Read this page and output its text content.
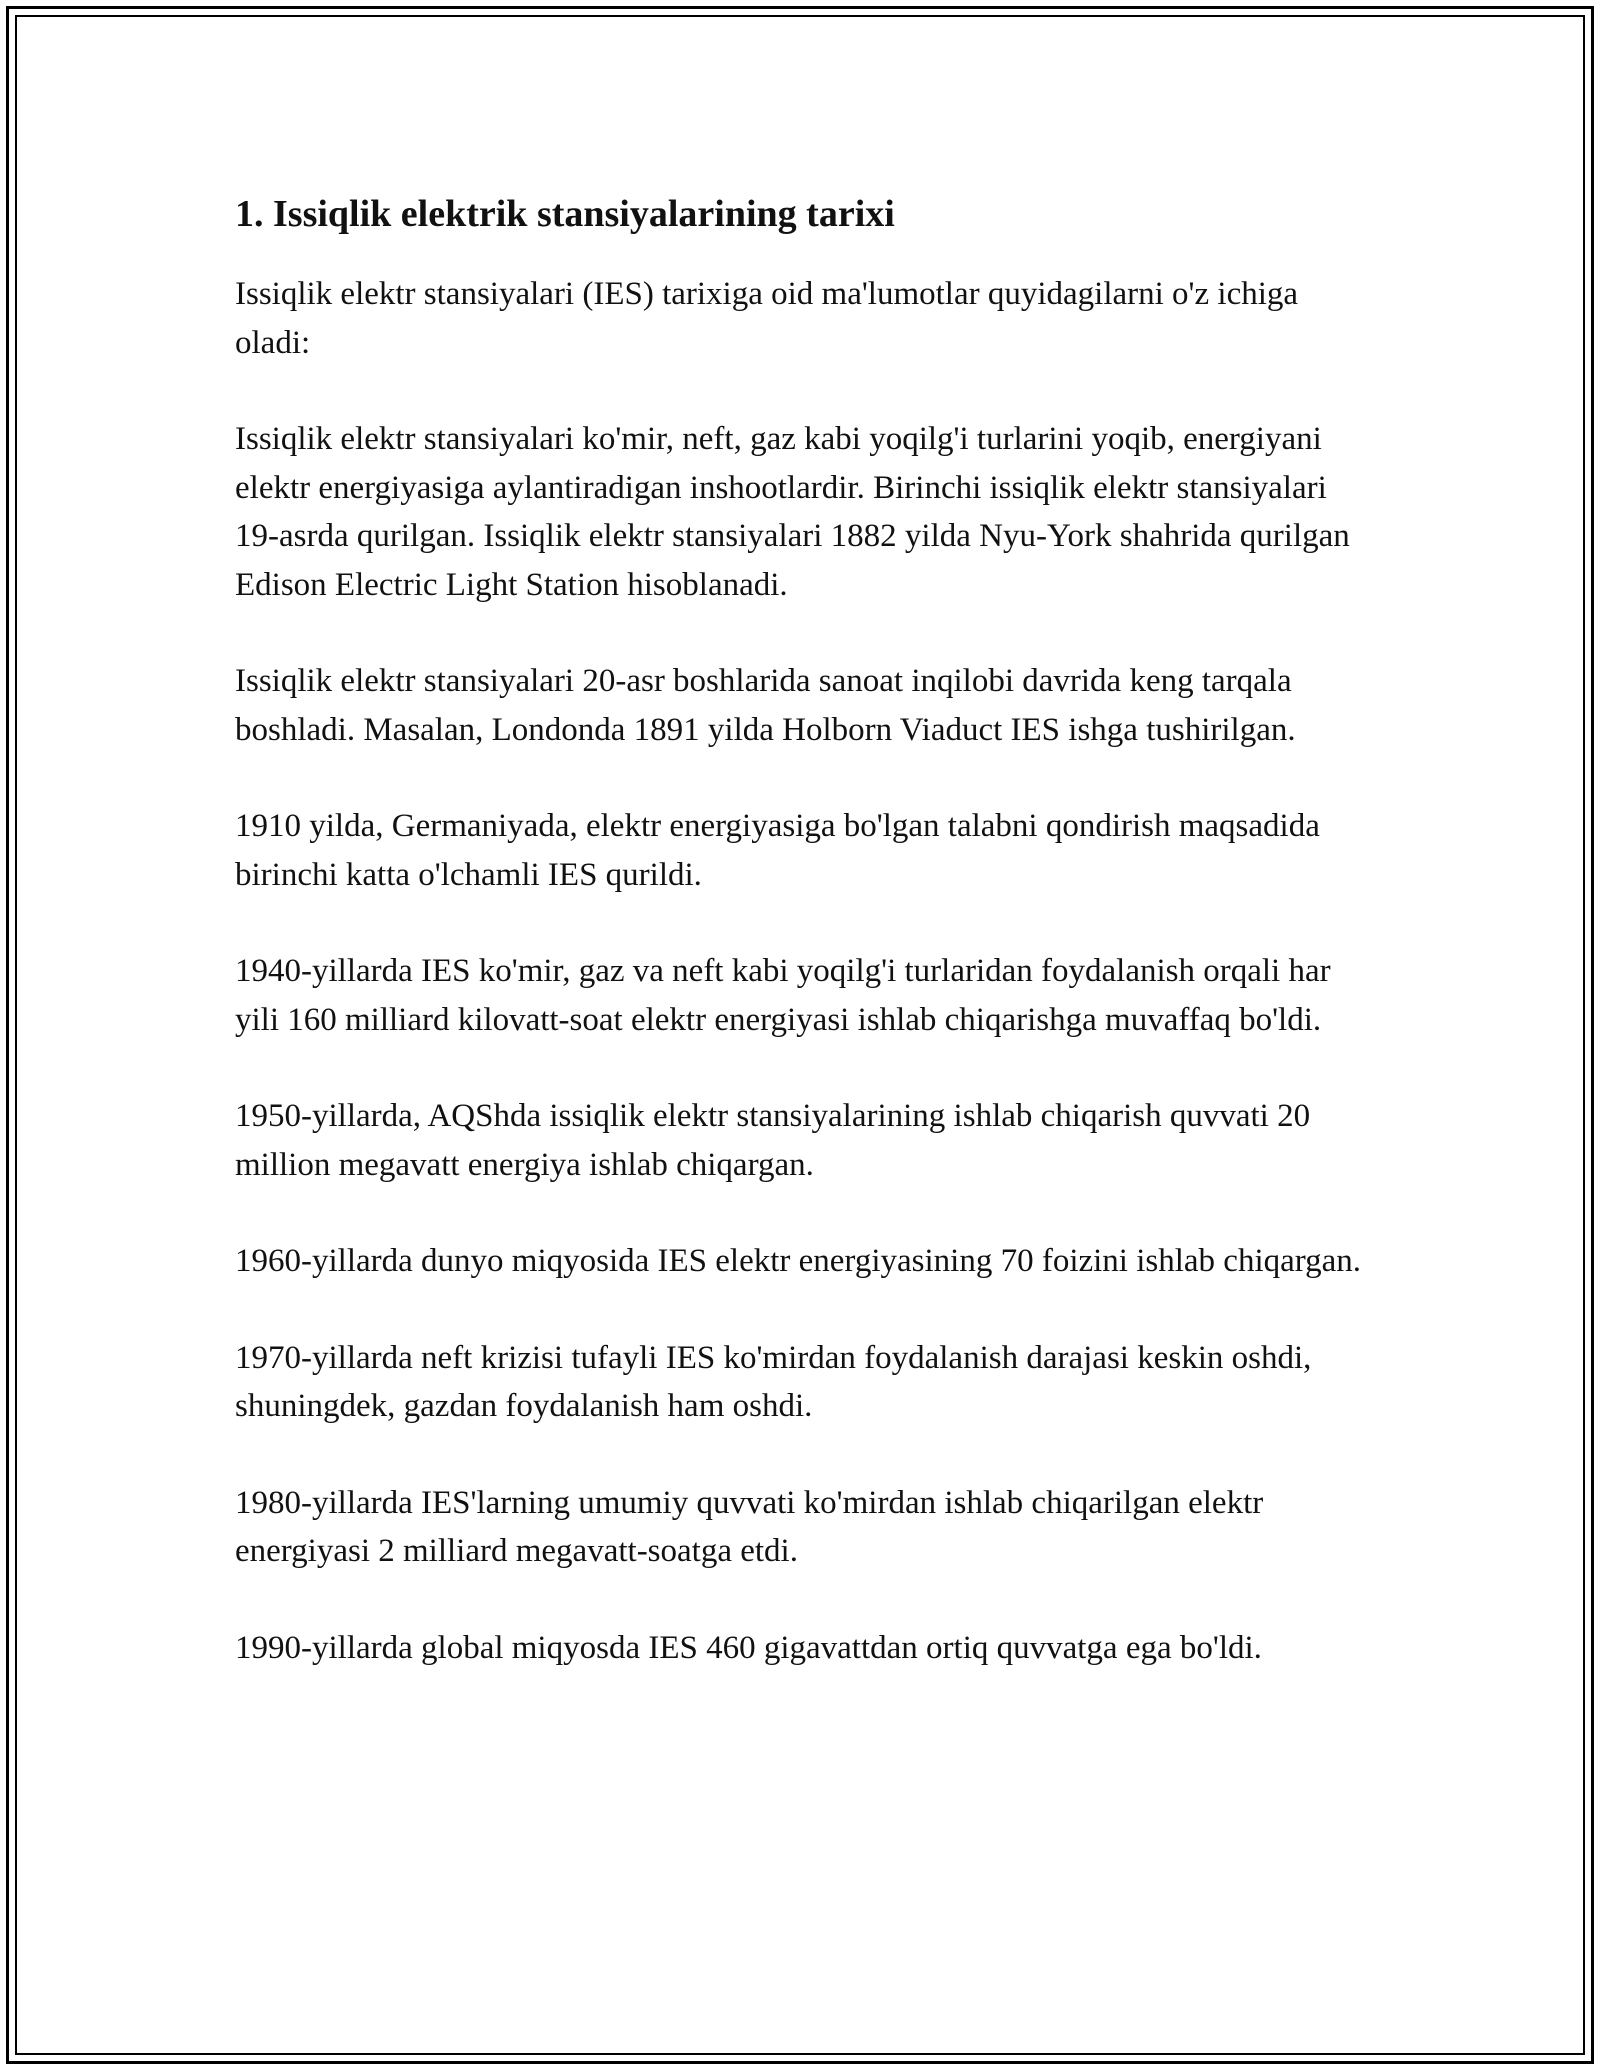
1. Issiqlik elektrik stansiyalarining tarixi

Issiqlik elektr stansiyalari (IES) tarixiga oid ma'lumotlar quyidagilarni o'z ichiga oladi:

Issiqlik elektr stansiyalari ko'mir, neft, gaz kabi yoqilg'i turlarini yoqib, energiyani elektr energiyasiga aylantiradigan inshootlardir. Birinchi issiqlik elektr stansiyalari 19-asrda qurilgan. Issiqlik elektr stansiyalari 1882 yilda Nyu-York shahrida qurilgan Edison Electric Light Station hisoblanadi.

Issiqlik elektr stansiyalari 20-asr boshlarida sanoat inqilobi davrida keng tarqala boshladi. Masalan, Londonda 1891 yilda Holborn Viaduct IES ishga tushirilgan.

1910 yilda, Germaniyada, elektr energiyasiga bo'lgan talabni qondirish maqsadida birinchi katta o'lchamli IES qurildi.

1940-yillarda IES ko'mir, gaz va neft kabi yoqilg'i turlaridan foydalanish orqali har yili 160 milliard kilovatt-soat elektr energiyasi ishlab chiqarishga muvaffaq bo'ldi.

1950-yillarda, AQShda issiqlik elektr stansiyalarining ishlab chiqarish quvvati 20 million megavatt energiya ishlab chiqargan.

1960-yillarda dunyo miqyosida IES elektr energiyasining 70 foizini ishlab chiqargan.

1970-yillarda neft krizisi tufayli IES ko'mirdan foydalanish darajasi keskin oshdi, shuningdek, gazdan foydalanish ham oshdi.

1980-yillarda IES'larning umumiy quvvati ko'mirdan ishlab chiqarilgan elektr energiyasi 2 milliard megavatt-soatga etdi.

1990-yillarda global miqyosda IES 460 gigavattdan ortiq quvvatga ega bo'ldi.
